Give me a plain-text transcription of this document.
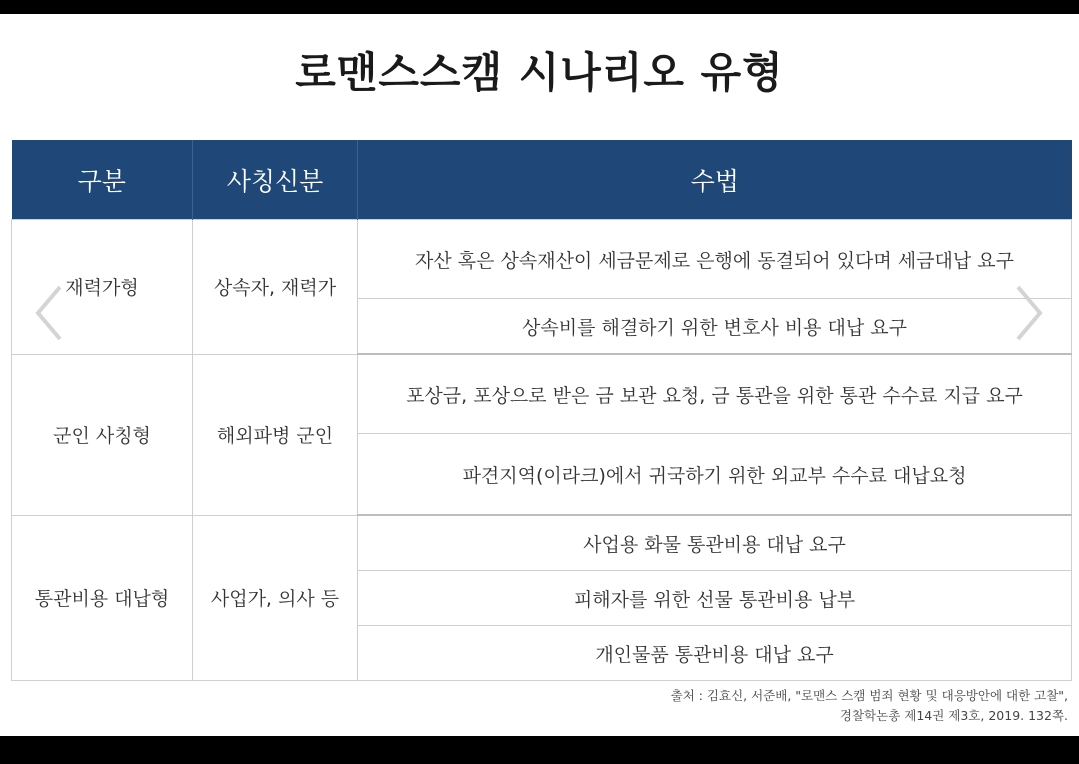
로맨스스캠 시나리오 유형
구분	사칭신분	수법
재력가형	상속자, 재력가	자산 혹은 상속재산이 세금문제로 은행에 동결되어 있다며 세금대납 요구
		상속비를 해결하기 위한 변호사 비용 대납 요구
군인 사칭형	해외파병 군인	포상금, 포상으로 받은 금 보관 요청, 금 통관을 위한 통관 수수료 지급 요구
		파견지역(이라크)에서 귀국하기 위한 외교부 수수료 대납요청
통관비용 대납형	사업가, 의사 등	사업용 화물 통관비용 대납 요구
		피해자를 위한 선물 통관비용 납부
		개인물품 통관비용 대납 요구
출처 : 김효신, 서준배, "로맨스 스캠 범죄 현황 및 대응방안에 대한 고찰",
경찰학논총 제14권 제3호, 2019. 132쪽.
